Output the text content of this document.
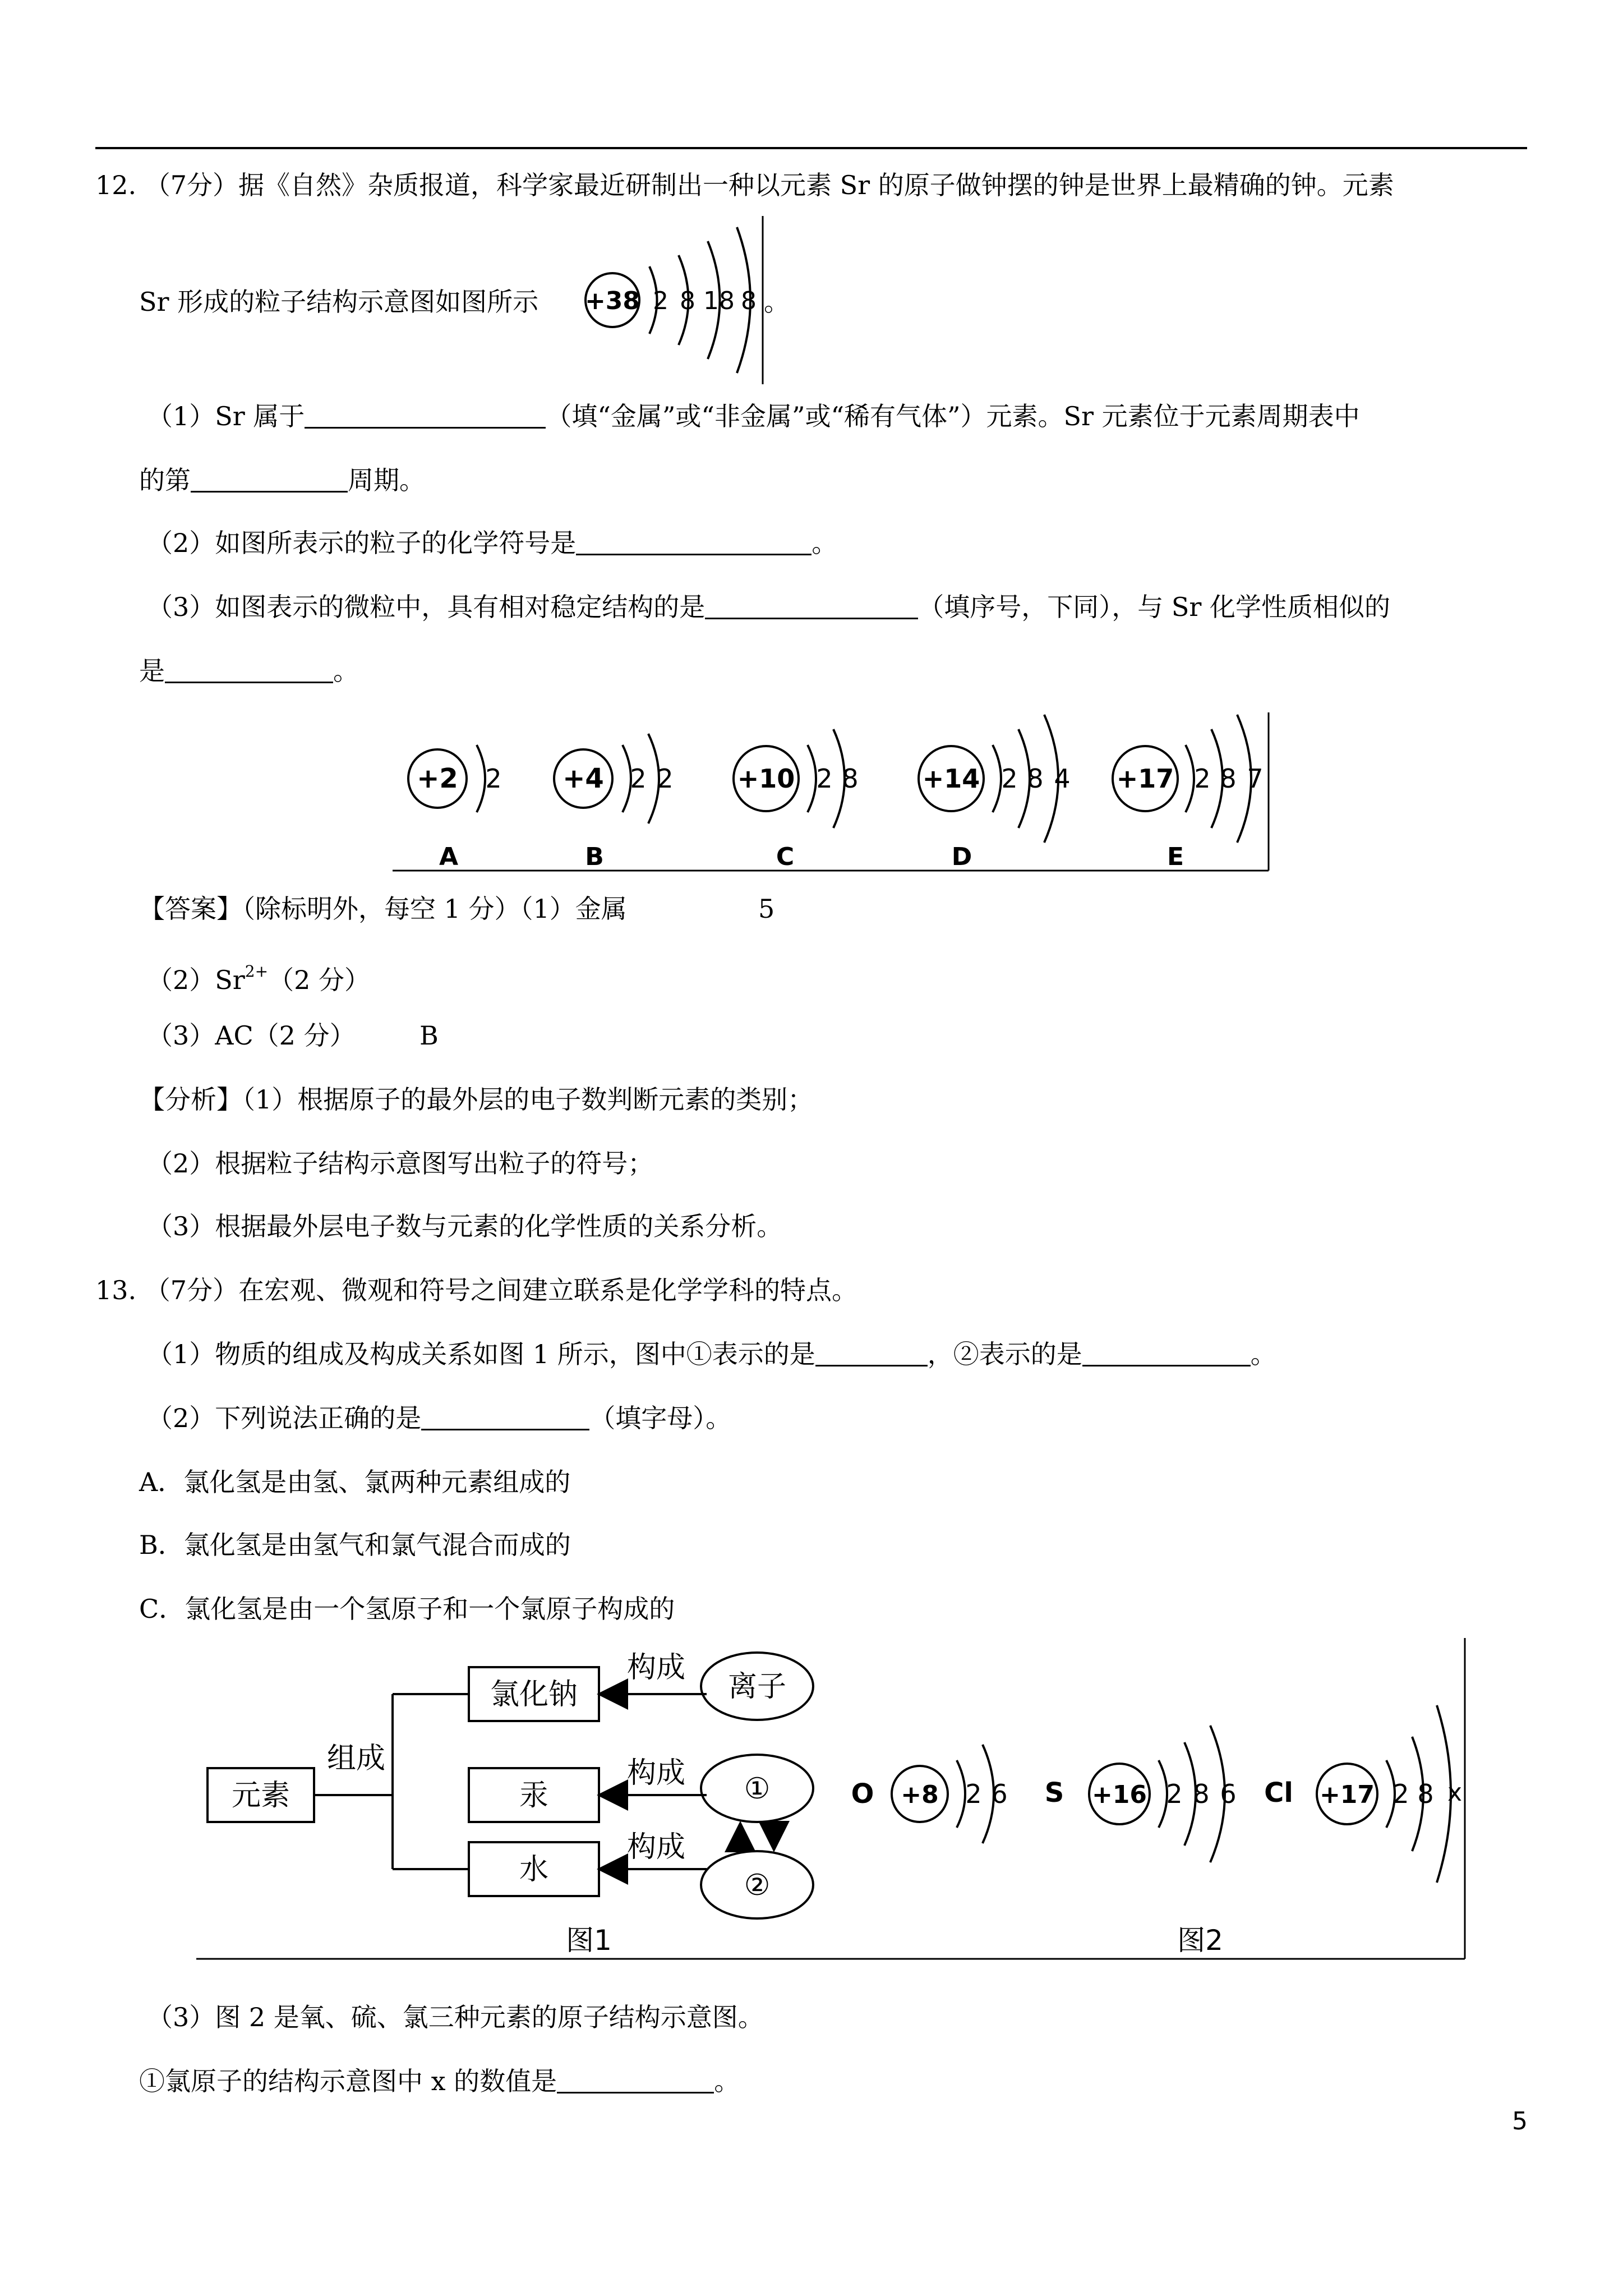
12. （7分）据《自然》杂质报道，科学家最近研制出一种以元素 Sr 的原子做钟摆的钟是世界上最精确的钟。元素
Sr 形成的粒子结构示意图如图所示 +38 2 8 18 8 。
（1）Sr 属于	（填“金属”或“非金属”或“稀有气体”）元素。Sr 元素位于元素周期表中
的第	周期。
（2）如图所表示的粒子的化学符号是	。
（3）如图表示的微粒中，具有相对稳定结构的是	（填序号，下同），与 Sr 化学性质相似的
是	。
+2 2
A
+4 2 2
B
+10 2 8
C
+14 2 8 4
D
+17 2 8 7
E
【答案】（除标明外，每空 1 分）（1）金属	5
$(2)Sr^{2+}(2$ 分）
（3）AC（2 分） B
【分析】（1）根据原子的最外层的电子数判断元素的类别；
（2）根据粒子结构示意图写出粒子的符号；
（3）根据最外层电子数与元素的化学性质的关系分析。
13. （7分）在宏观、微观和符号之间建立联系是化学学科的特点。
（1）物质的组成及构成关系如图 1 所示，图中①表示的是	，②表示的是	。
（2）下列说法正确的是	（填字母）。
A．氯化氢是由氢、氯两种元素组成的
B．氯化氢是由氢气和氯气混合而成的
C．氯化氢是由一个氢原子和一个氯原子构成的
元素
组成
氯化钠
汞
水
构成
构成
构成
离子
①
②
图1
O +8 2 6 S +16 2 8 6 Cl +17 2 8 x
图2
（3）图 2 是氧、硫、氯三种元素的原子结构示意图。
①氯原子的结构示意图中 x 的数值是	。
5
